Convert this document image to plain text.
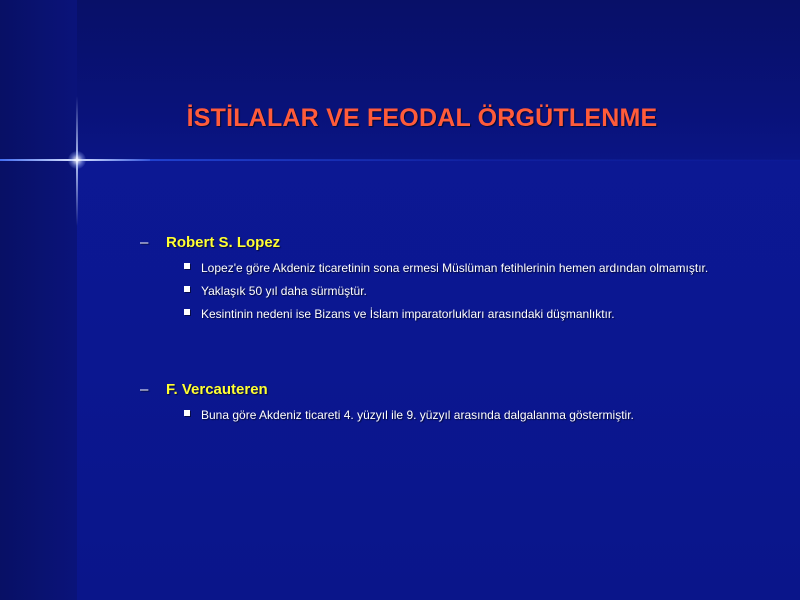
İSTİLALAR VE FEODAL ÖRGÜTLENME
–	Robert S. Lopez
Lopez'e göre Akdeniz ticaretinin sona ermesi Müslüman fetihlerinin hemen ardından olmamıştır.
Yaklaşık 50 yıl daha sürmüştür.
Kesintinin nedeni ise Bizans ve İslam imparatorlukları arasındaki düşmanlıktır.
–	F. Vercauteren
Buna göre Akdeniz ticareti 4. yüzyıl ile 9. yüzyıl arasında dalgalanma göstermiştir.
